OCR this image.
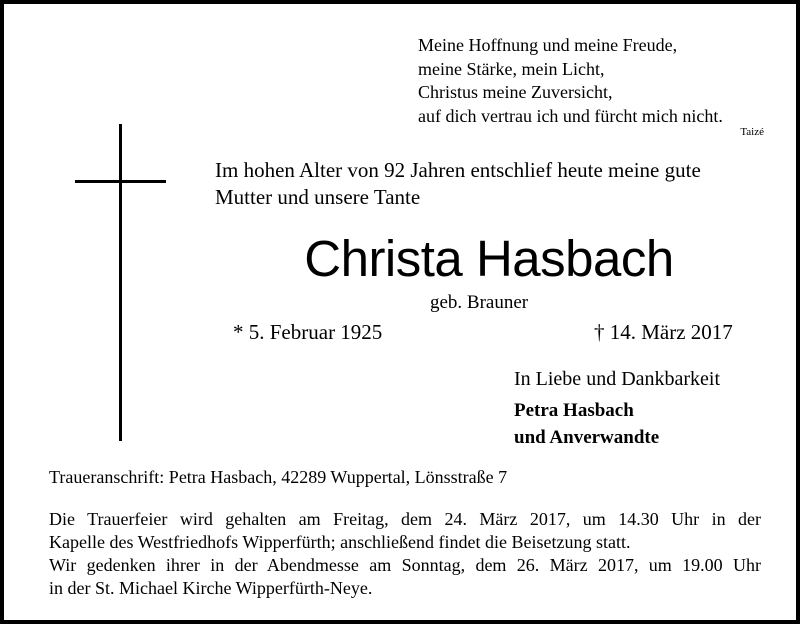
Meine Hoffnung und meine Freude,
meine Stärke, mein Licht,
Christus meine Zuversicht,
auf dich vertrau ich und fürcht mich nicht.
Taizé
Im hohen Alter von 92 Jahren entschlief heute meine gute
Mutter und unsere Tante
Christa Hasbach
geb. Brauner
* 5. Februar 1925	† 14. März 2017
In Liebe und Dankbarkeit
Petra Hasbach
und Anverwandte
Traueranschrift: Petra Hasbach, 42289 Wuppertal, Lönsstraße 7
Die Trauerfeier wird gehalten am Freitag, dem 24. März 2017, um 14.30 Uhr in der
Kapelle des Westfriedhofs Wipperfürth; anschließend findet die Beisetzung statt.
Wir gedenken ihrer in der Abendmesse am Sonntag, dem 26. März 2017, um 19.00 Uhr
in der St. Michael Kirche Wipperfürth-Neye.
